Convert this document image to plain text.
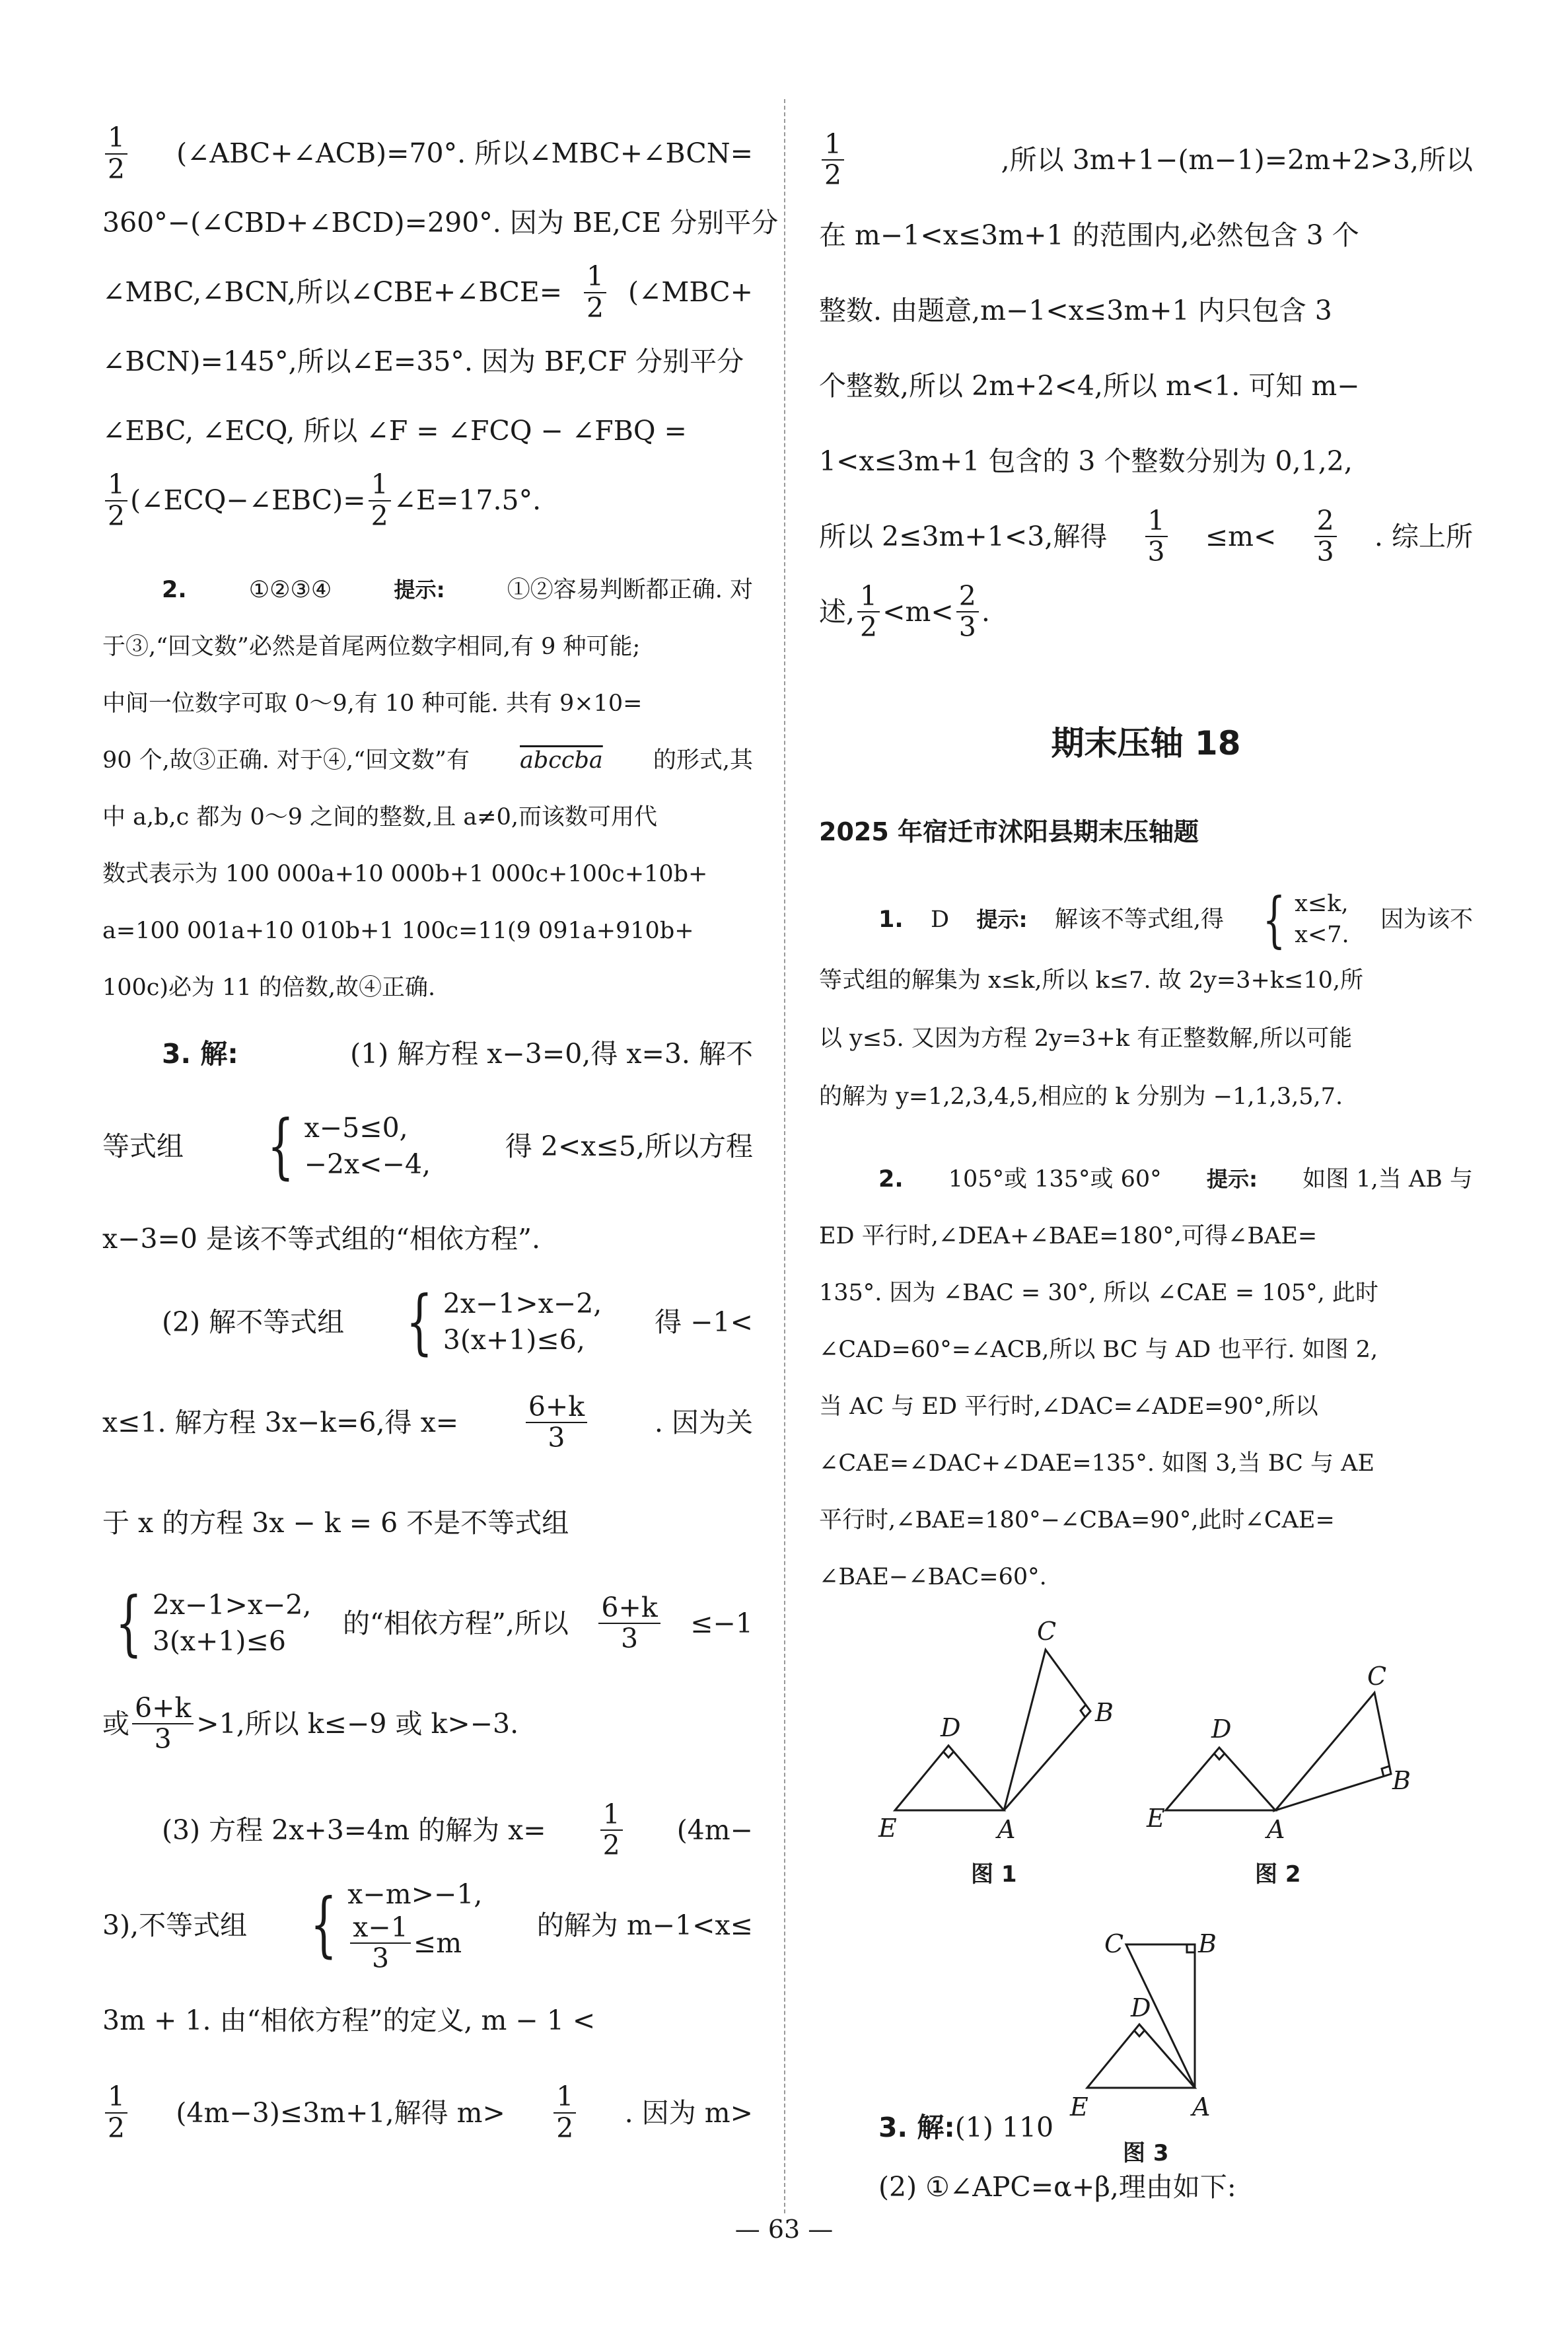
$\frac{1}{2}$ (∠ABC+∠ACB)=70°. 所以∠MBC+∠BCN=
360°−(∠CBD+∠BCD)=290°. 因为 BE,CE 分别平分
∠MBC,∠BCN,所以∠CBE+∠BCE= $\frac{1}{2}$ (∠MBC+
∠BCN)=145°,所以∠E=35°. 因为 BF,CF 分别平分
∠EBC, ∠ECQ, 所以 ∠F = ∠FCQ − ∠FBQ =
$\frac{1}{2}$ (∠ECQ−∠EBC)= $\frac{1}{2}$ ∠E=17.5°.
2.	①②③④	提示:	①②容易判断都正确. 对
于③,“回文数”必然是首尾两位数字相同,有 9 种可能;
中间一位数字可取 0～9,有 10 种可能. 共有 9×10=
90 个,故③正确. 对于④,“回文数”有 abccba 的形式,其
中 a,b,c 都为 0～9 之间的整数,且 a≠0,而该数可用代
数式表示为 100 000a+10 000b+1 000c+100c+10b+
a=100 001a+10 010b+1 100c=11(9 091a+910b+
100c)必为 11 的倍数,故④正确.
3. 解:	(1) 解方程 x−3=0,得 x=3. 解不
等式组
{ x−5≤0,
−2x<−4,
得 2<x≤5,所以方程
x−3=0 是该不等式组的“相依方程”.
(2) 解不等式组
{ 2x−1>x−2,
3(x+1)≤6,
得 −1<
x≤1. 解方程 3x−k=6,得 $x= \frac{6+k}{3}$ . 因为关
于 x 的方程 3x − k = 6 不是不等式组
{ 2x−1>x−2,
3(x+1)≤6
的“相依方程”,所以 $\frac{6+k}{3} \le-1$
或 $\frac{6+k}{3} >1$,所以 k≤−9 或 k>−3.
(3) 方程 2x+3=4m 的解为 $x= \frac{1}{2} (4m-$
3),不等式组
{ x−m>−1,
$\frac{x-1}{3} \le m$
的解为 m−1<x≤
3m + 1. 由“相依方程”的定义, m − 1 <
$\frac{1}{2} (4m-3)\le 3m+1$,解得 $m> \frac{1}{2}$ . 因为 m>
$\frac{1}{2}$	,所以 3m+1−(m−1)=2m+2>3,所以
在 m−1<x≤3m+1 的范围内,必然包含 3 个
整数. 由题意,m−1<x≤3m+1 内只包含 3
个整数,所以 2m+2<4,所以 m<1. 可知 m−
1<x≤3m+1 包含的 3 个整数分别为 0,1,2,
所以 2≤3m+1<3,解得 $\frac{1}{3} \le m< \frac{2}{3}$ . 综上所
述, $\frac{1}{2} <m< \frac{2}{3}$ .
期末压轴 18
2025 年宿迁市沭阳县期末压轴题
1. D 提示: 解该不等式组,得
{ x≤k,
x<7.
因为该不
等式组的解集为 x≤k,所以 k≤7. 故 2y=3+k≤10,所
以 y≤5. 又因为方程 2y=3+k 有正整数解,所以可能
的解为 y=1,2,3,4,5,相应的 k 分别为 −1,1,3,5,7.
2. 105°或 135°或 60° 提示: 如图 1,当 AB 与
ED 平行时,∠DEA+∠BAE=180°,可得∠BAE=
135°. 因为 ∠BAC = 30°, 所以 ∠CAE = 105°, 此时
∠CAD=60°=∠ACB,所以 BC 与 AD 也平行. 如图 2,
当 AC 与 ED 平行时,∠DAC=∠ADE=90°,所以
∠CAE=∠DAC+∠DAE=135°. 如图 3,当 BC 与 AE
平行时,∠BAE=180°−∠CBA=90°,此时∠CAE=
∠BAE−∠BAC=60°.
E	A
D
C
B
图 1
E	A
D
C
B
图 2
C	B
D
E	A
图 3
3. 解: (1) 110
(2) ①∠APC=α+β,理由如下:
— 63 —
